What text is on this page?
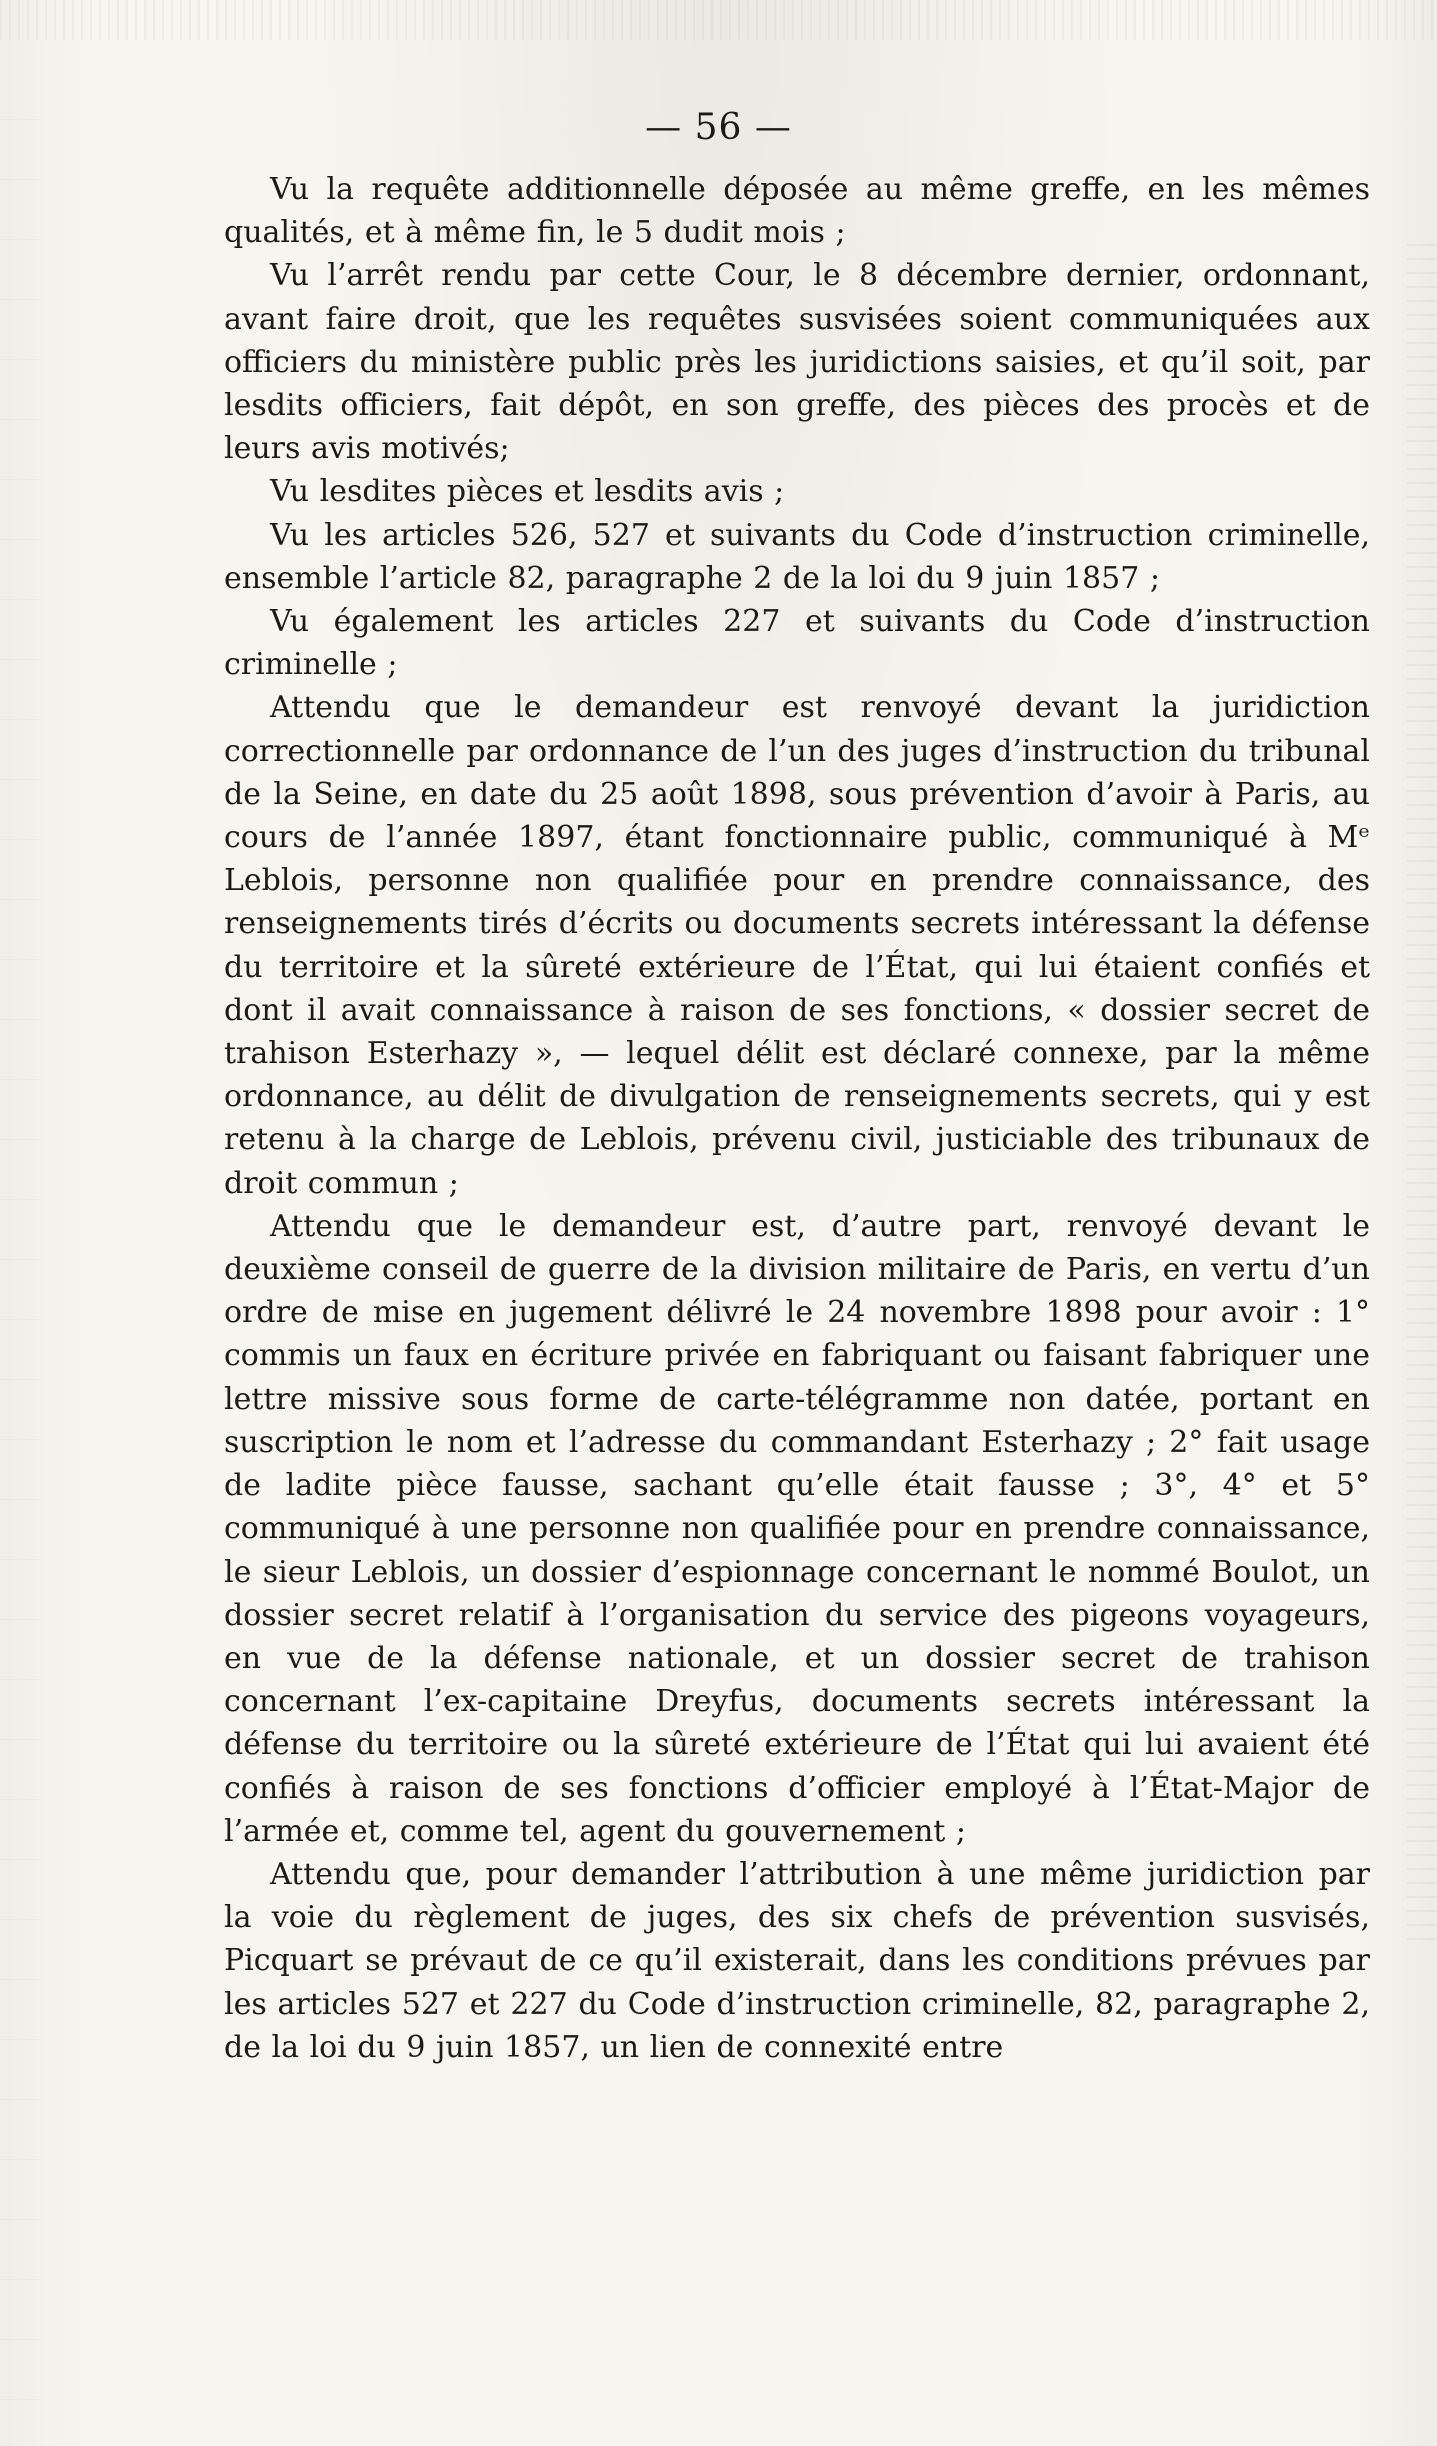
— 56 —

Vu la requête additionnelle déposée au même greffe, en les mêmes qualités, et à même fin, le 5 dudit mois ;

Vu l’arrêt rendu par cette Cour, le 8 décembre dernier, ordonnant, avant faire droit, que les requêtes susvisées soient communiquées aux officiers du ministère public près les juridictions saisies, et qu’il soit, par lesdits officiers, fait dépôt, en son greffe, des pièces des procès et de leurs avis motivés;

Vu lesdites pièces et lesdits avis ;

Vu les articles 526, 527 et suivants du Code d’instruction criminelle, ensemble l’article 82, paragraphe 2 de la loi du 9 juin 1857 ;

Vu également les articles 227 et suivants du Code d’instruction criminelle ;

Attendu que le demandeur est renvoyé devant la juridiction correctionnelle par ordonnance de l’un des juges d’instruction du tribunal de la Seine, en date du 25 août 1898, sous prévention d’avoir à Paris, au cours de l’année 1897, étant fonctionnaire public, communiqué à Mᵉ Leblois, personne non qualifiée pour en prendre connaissance, des renseignements tirés d’écrits ou documents secrets intéressant la défense du territoire et la sûreté extérieure de l’État, qui lui étaient confiés et dont il avait connaissance à raison de ses fonctions, « dossier secret de trahison Esterhazy », — lequel délit est déclaré connexe, par la même ordonnance, au délit de divulgation de renseignements secrets, qui y est retenu à la charge de Leblois, prévenu civil, justiciable des tribunaux de droit commun ;

Attendu que le demandeur est, d’autre part, renvoyé devant le deuxième conseil de guerre de la division militaire de Paris, en vertu d’un ordre de mise en jugement délivré le 24 novembre 1898 pour avoir : 1° commis un faux en écriture privée en fabriquant ou faisant fabriquer une lettre missive sous forme de carte-télégramme non datée, portant en suscription le nom et l’adresse du commandant Esterhazy ; 2° fait usage de ladite pièce fausse, sachant qu’elle était fausse ; 3°, 4° et 5° communiqué à une personne non qualifiée pour en prendre connaissance, le sieur Leblois, un dossier d’espionnage concernant le nommé Boulot, un dossier secret relatif à l’organisation du service des pigeons voyageurs, en vue de la défense nationale, et un dossier secret de trahison concernant l’ex-capitaine Dreyfus, documents secrets intéressant la défense du territoire ou la sûreté extérieure de l’État qui lui avaient été confiés à raison de ses fonctions d’officier employé à l’État-Major de l’armée et, comme tel, agent du gouvernement ;

Attendu que, pour demander l’attribution à une même juridiction par la voie du règlement de juges, des six chefs de prévention susvisés, Picquart se prévaut de ce qu’il existerait, dans les conditions prévues par les articles 527 et 227 du Code d’instruction criminelle, 82, paragraphe 2, de la loi du 9 juin 1857, un lien de connexité entre
